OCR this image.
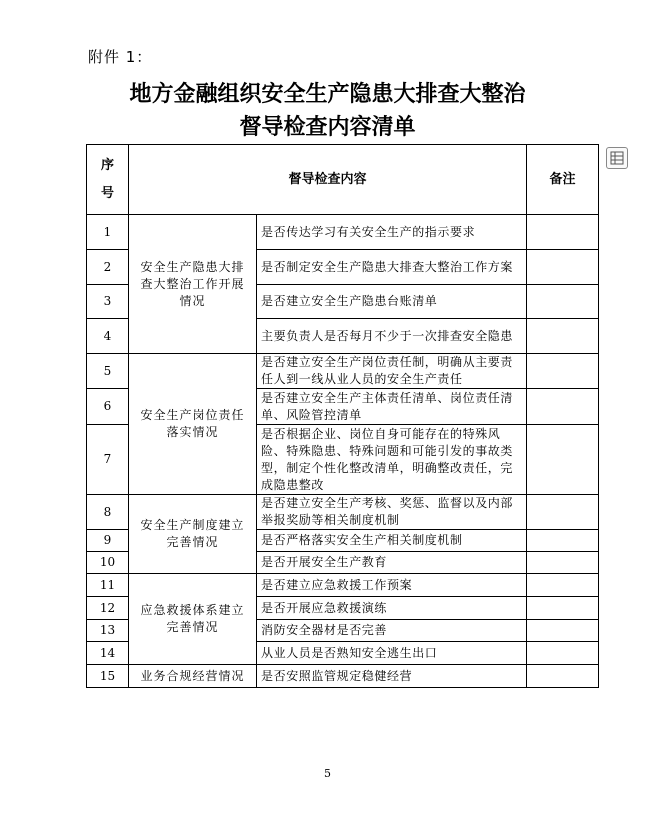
附件 1：
地方金融组织安全生产隐患大排查大整治
督导检查内容清单
序
号	督导检查内容		备注
1	安全生产隐患大排查大整治工作开展情况	是否传达学习有关安全生产的指示要求	
2		是否制定安全生产隐患大排查大整治工作方案	
3		是否建立安全生产隐患台账清单	
4		主要负责人是否每月不少于一次排查安全隐患	
5	安全生产岗位责任落实情况	是否建立安全生产岗位责任制，明确从主要责任人到一线从业人员的安全生产责任	
6		是否建立安全生产主体责任清单、岗位责任清单、风险管控清单	
7		是否根据企业、岗位自身可能存在的特殊风险、特殊隐患、特殊问题和可能引发的事故类型，制定个性化整改清单，明确整改责任，完成隐患整改	
8	安全生产制度建立完善情况	是否建立安全生产考核、奖惩、监督以及内部举报奖励等相关制度机制	
9		是否严格落实安全生产相关制度机制	
10		是否开展安全生产教育	
11	应急救援体系建立完善情况	是否建立应急救援工作预案	
12		是否开展应急救援演练	
13		消防安全器材是否完善	
14		从业人员是否熟知安全逃生出口	
15	业务合规经营情况	是否安照监管规定稳健经营	
5
